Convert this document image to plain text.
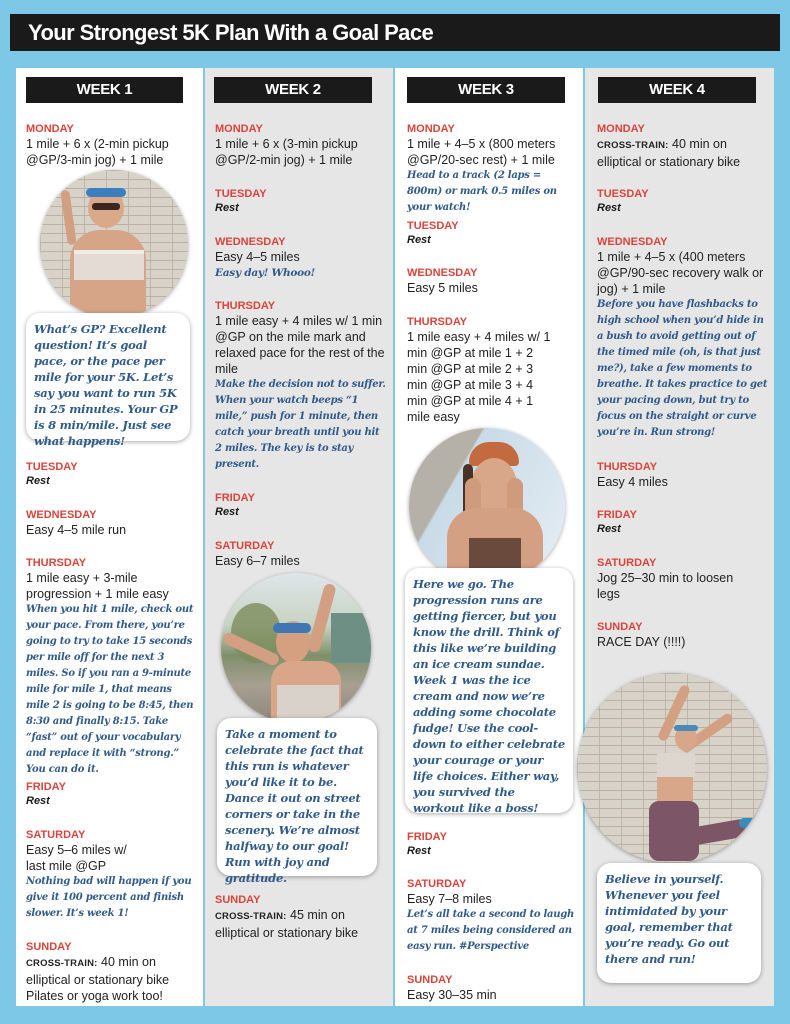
Your Strongest 5K Plan With a Goal Pace
WEEK 1
MONDAY
1 mile + 6 x (2-min pickup @GP/3-min jog) + 1 mile
What’s GP? Excellent question! It’s goal pace, or the pace per mile for your 5K. Let’s say you want to run 5K in 25 minutes. Your GP is 8 min/mile. Just see what happens!
TUESDAY
Rest
WEDNESDAY
Easy 4–5 mile run
THURSDAY
1 mile easy + 3-mile progression + 1 mile easy
When you hit 1 mile, check out your pace. From there, you’re going to try to take 15 seconds per mile off for the next 3 miles. So if you ran a 9-minute mile for mile 1, that means mile 2 is going to be 8:45, then 8:30 and finally 8:15. Take “fast” out of your vocabulary and replace it with “strong.” You can do it.
FRIDAY
Rest
SATURDAY
Easy 5–6 miles w/ last mile @GP
Nothing bad will happen if you give it 100 percent and finish slower. It’s week 1!
SUNDAY
CROSS-TRAIN: 40 min on elliptical or stationary bike Pilates or yoga work too!
WEEK 2
MONDAY
1 mile + 6 x (3-min pickup @GP/2-min jog) + 1 mile
TUESDAY
Rest
WEDNESDAY
Easy 4–5 miles
Easy day! Whooo!
THURSDAY
1 mile easy + 4 miles w/ 1 min @GP on the mile mark and relaxed pace for the rest of the mile
Make the decision not to suffer. When your watch beeps “1 mile,” push for 1 minute, then catch your breath until you hit 2 miles. The key is to stay present.
FRIDAY
Rest
SATURDAY
Easy 6–7 miles
Take a moment to celebrate the fact that this run is whatever you’d like it to be. Dance it out on street corners or take in the scenery. We’re almost halfway to our goal! Run with joy and gratitude.
SUNDAY
CROSS-TRAIN: 45 min on elliptical or stationary bike
WEEK 3
MONDAY
1 mile + 4–5 x (800 meters @GP/20-sec rest) + 1 mile
Head to a track (2 laps = 800m) or mark 0.5 miles on your watch!
TUESDAY
Rest
WEDNESDAY
Easy 5 miles
THURSDAY
1 mile easy + 4 miles w/ 1 min @GP at mile 1 + 2 min @GP at mile 2 + 3 min @GP at mile 3 + 4 min @GP at mile 4 + 1 mile easy
Here we go. The progression runs are getting fiercer, but you know the drill. Think of this like we’re building an ice cream sundae. Week 1 was the ice cream and now we’re adding some chocolate fudge! Use the cool-down to either celebrate your courage or your life choices. Either way, you survived the workout like a boss!
FRIDAY
Rest
SATURDAY
Easy 7–8 miles
Let’s all take a second to laugh at 7 miles being considered an easy run. #Perspective
SUNDAY
Easy 30–35 min
WEEK 4
MONDAY
CROSS-TRAIN: 40 min on elliptical or stationary bike
TUESDAY
Rest
WEDNESDAY
1 mile + 4–5 x (400 meters @GP/90-sec recovery walk or jog) + 1 mile
Before you have flashbacks to high school when you’d hide in a bush to avoid getting out of the timed mile (oh, is that just me?), take a few moments to breathe. It takes practice to get your pacing down, but try to focus on the straight or curve you’re in. Run strong!
THURSDAY
Easy 4 miles
FRIDAY
Rest
SATURDAY
Jog 25–30 min to loosen legs
SUNDAY
RACE DAY (!!!!)
Believe in yourself. Whenever you feel intimidated by your goal, remember that you’re ready. Go out there and run!
